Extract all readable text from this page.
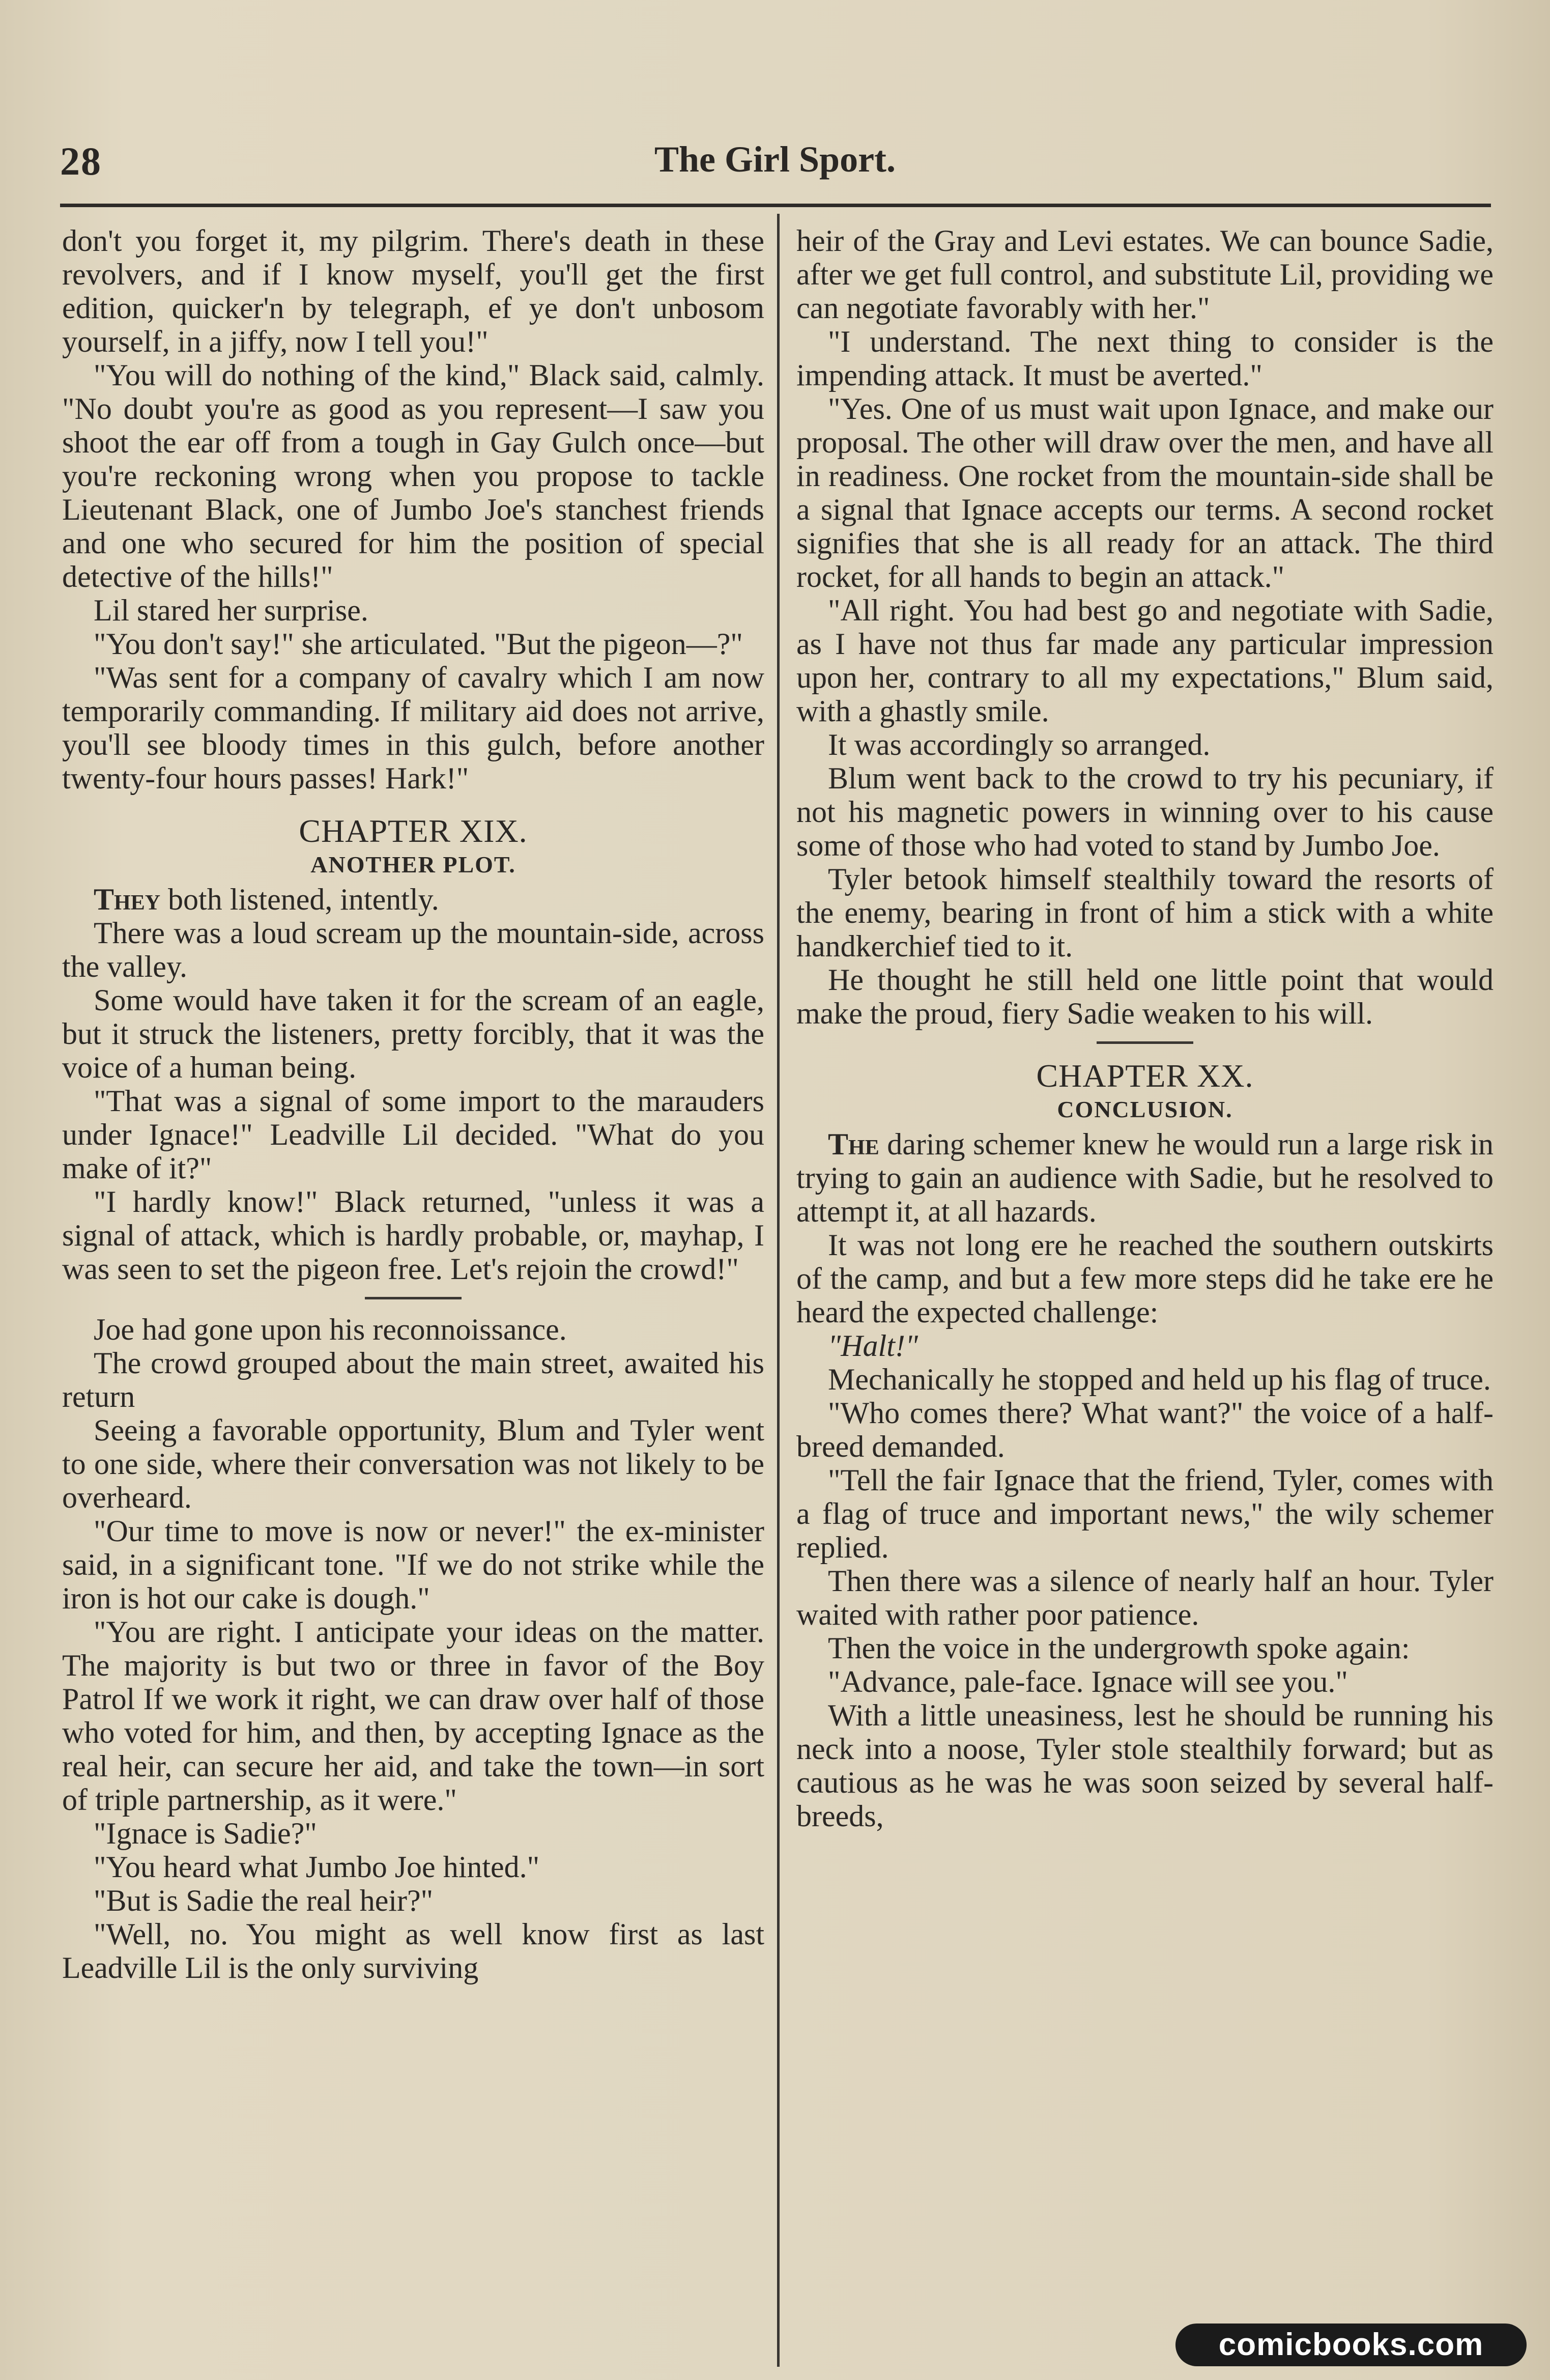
28	The Girl Sport.

don't you forget it, my pilgrim. There's death in these revolvers, and if I know myself, you'll get the first edition, quicker'n by telegraph, ef ye don't unbosom yourself, in a jiffy, now I tell you!"

"You will do nothing of the kind," Black said, calmly. "No doubt you're as good as you represent—I saw you shoot the ear off from a tough in Gay Gulch once—but you're reckoning wrong when you propose to tackle Lieutenant Black, one of Jumbo Joe's stanchest friends and one who secured for him the position of special detective of the hills!"

Lil stared her surprise.

"You don't say!" she articulated. "But the pigeon—?"

"Was sent for a company of cavalry which I am now temporarily commanding. If military aid does not arrive, you'll see bloody times in this gulch, before another twenty-four hours passes! Hark!"

CHAPTER XIX.
ANOTHER PLOT.

They both listened, intently.

There was a loud scream up the mountain-side, across the valley.

Some would have taken it for the scream of an eagle, but it struck the listeners, pretty forcibly, that it was the voice of a human being.

"That was a signal of some import to the marauders under Ignace!" Leadville Lil decided. "What do you make of it?"

"I hardly know!" Black returned, "unless it was a signal of attack, which is hardly probable, or, mayhap, I was seen to set the pigeon free. Let's rejoin the crowd!"

Joe had gone upon his reconnoissance.

The crowd grouped about the main street, awaited his return

Seeing a favorable opportunity, Blum and Tyler went to one side, where their conversation was not likely to be overheard.

"Our time to move is now or never!" the ex-minister said, in a significant tone. "If we do not strike while the iron is hot our cake is dough."

"You are right. I anticipate your ideas on the matter. The majority is but two or three in favor of the Boy Patrol If we work it right, we can draw over half of those who voted for him, and then, by accepting Ignace as the real heir, can secure her aid, and take the town—in sort of triple partnership, as it were."

"Ignace is Sadie?"

"You heard what Jumbo Joe hinted."

"But is Sadie the real heir?"

"Well, no. You might as well know first as last Leadville Lil is the only surviving

heir of the Gray and Levi estates. We can bounce Sadie, after we get full control, and substitute Lil, providing we can negotiate favorably with her."

"I understand. The next thing to consider is the impending attack. It must be averted."

"Yes. One of us must wait upon Ignace, and make our proposal. The other will draw over the men, and have all in readiness. One rocket from the mountain-side shall be a signal that Ignace accepts our terms. A second rocket signifies that she is all ready for an attack. The third rocket, for all hands to begin an attack."

"All right. You had best go and negotiate with Sadie, as I have not thus far made any particular impression upon her, contrary to all my expectations," Blum said, with a ghastly smile.

It was accordingly so arranged.

Blum went back to the crowd to try his pecuniary, if not his magnetic powers in winning over to his cause some of those who had voted to stand by Jumbo Joe.

Tyler betook himself stealthily toward the resorts of the enemy, bearing in front of him a stick with a white handkerchief tied to it.

He thought he still held one little point that would make the proud, fiery Sadie weaken to his will.

CHAPTER XX.
CONCLUSION.

The daring schemer knew he would run a large risk in trying to gain an audience with Sadie, but he resolved to attempt it, at all hazards.

It was not long ere he reached the southern outskirts of the camp, and but a few more steps did he take ere he heard the expected challenge:

"Halt!"

Mechanically he stopped and held up his flag of truce.

"Who comes there? What want?" the voice of a half-breed demanded.

"Tell the fair Ignace that the friend, Tyler, comes with a flag of truce and important news," the wily schemer replied.

Then there was a silence of nearly half an hour. Tyler waited with rather poor patience.

Then the voice in the undergrowth spoke again:

"Advance, pale-face. Ignace will see you."

With a little uneasiness, lest he should be running his neck into a noose, Tyler stole stealthily forward; but as cautious as he was he was soon seized by several half-breeds,

comicbooks.com
